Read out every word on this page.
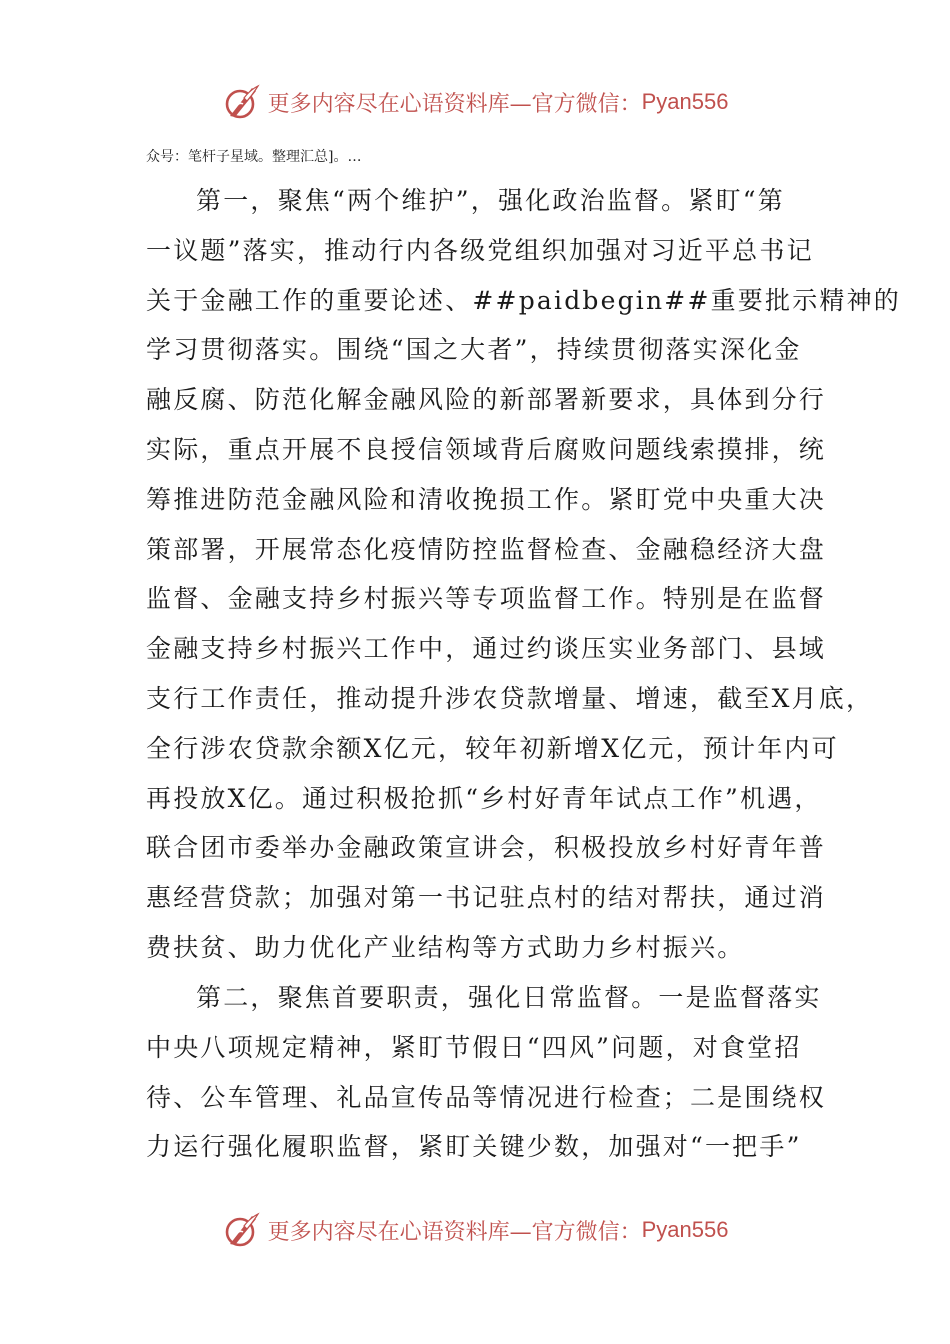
更多内容尽在心语资料库—官方微信： Pyan556
众号：笔杆子星域。整理汇总]。…
第一，聚焦“两个维护”，强化政治监督。紧盯“第
一议题”落实，推动行内各级党组织加强对习近平总书记
关于金融工作的重要论述、##paidbegin##重要批示精神的
学习贯彻落实。围绕“国之大者”，持续贯彻落实深化金
融反腐、防范化解金融风险的新部署新要求，具体到分行
实际，重点开展不良授信领域背后腐败问题线索摸排，统
筹推进防范金融风险和清收挽损工作。紧盯党中央重大决
策部署，开展常态化疫情防控监督检查、金融稳经济大盘
监督、金融支持乡村振兴等专项监督工作。特别是在监督
金融支持乡村振兴工作中，通过约谈压实业务部门、县域
支行工作责任，推动提升涉农贷款增量、增速，截至X月底，
全行涉农贷款余额X亿元，较年初新增X亿元，预计年内可
再投放X亿。通过积极抢抓“乡村好青年试点工作”机遇，
联合团市委举办金融政策宣讲会，积极投放乡村好青年普
惠经营贷款；加强对第一书记驻点村的结对帮扶，通过消
费扶贫、助力优化产业结构等方式助力乡村振兴。
第二，聚焦首要职责，强化日常监督。一是监督落实
中央八项规定精神，紧盯节假日“四风”问题，对食堂招
待、公车管理、礼品宣传品等情况进行检查；二是围绕权
力运行强化履职监督，紧盯关键少数，加强对“一把手”
更多内容尽在心语资料库—官方微信： Pyan556
